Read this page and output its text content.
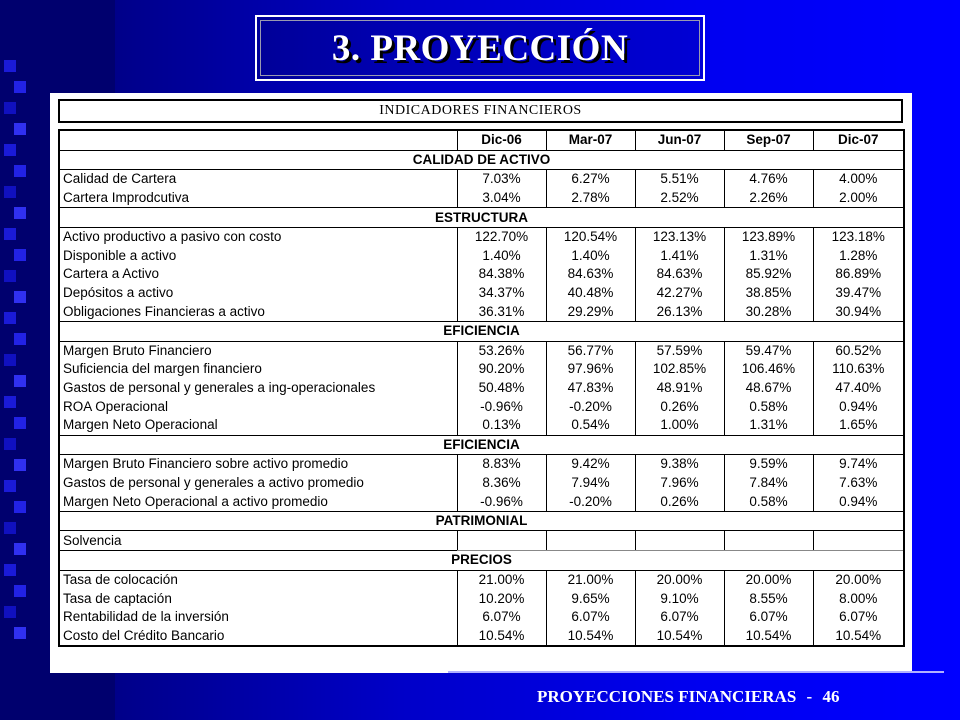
3. PROYECCIÓN
INDICADORES FINANCIEROS
	Dic-06	Mar-07	Jun-07	Sep-07	Dic-07
CALIDAD DE ACTIVO					
Calidad de Cartera	7.03%	6.27%	5.51%	4.76%	4.00%
Cartera Improdcutiva	3.04%	2.78%	2.52%	2.26%	2.00%
ESTRUCTURA					
Activo productivo a pasivo con costo	122.70%	120.54%	123.13%	123.89%	123.18%
Disponible a activo	1.40%	1.40%	1.41%	1.31%	1.28%
Cartera a Activo	84.38%	84.63%	84.63%	85.92%	86.89%
Depósitos a activo	34.37%	40.48%	42.27%	38.85%	39.47%
Obligaciones Financieras a activo	36.31%	29.29%	26.13%	30.28%	30.94%
EFICIENCIA					
Margen Bruto Financiero	53.26%	56.77%	57.59%	59.47%	60.52%
Suficiencia del margen financiero	90.20%	97.96%	102.85%	106.46%	110.63%
Gastos de personal y generales a ing-operacionales	50.48%	47.83%	48.91%	48.67%	47.40%
ROA Operacional	-0.96%	-0.20%	0.26%	0.58%	0.94%
Margen Neto Operacional	0.13%	0.54%	1.00%	1.31%	1.65%
EFICIENCIA					
Margen Bruto Financiero sobre activo promedio	8.83%	9.42%	9.38%	9.59%	9.74%
Gastos de personal y generales a activo promedio	8.36%	7.94%	7.96%	7.84%	7.63%
Margen Neto Operacional a activo promedio	-0.96%	-0.20%	0.26%	0.58%	0.94%
PATRIMONIAL					
Solvencia					
PRECIOS					
Tasa de colocación	21.00%	21.00%	20.00%	20.00%	20.00%
Tasa de captación	10.20%	9.65%	9.10%	8.55%	8.00%
Rentabilidad de la inversión	6.07%	6.07%	6.07%	6.07%	6.07%
Costo del Crédito Bancario	10.54%	10.54%	10.54%	10.54%	10.54%
PROYECCIONES FINANCIERAS - 46
